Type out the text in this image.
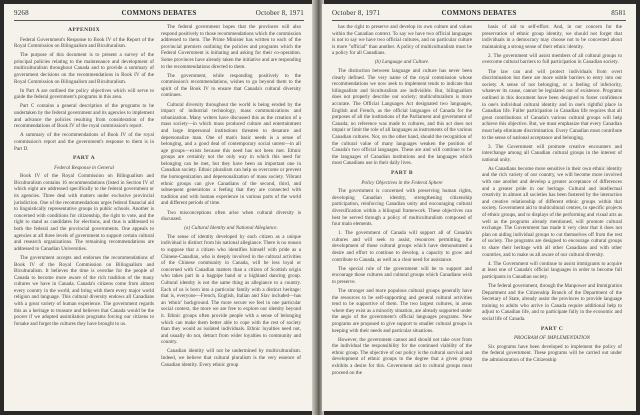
9268	COMMONS DEBATES	October 8, 1971

APPENDIX

Federal Government's Response to Book IV of the Report of the Royal Commission on Bilingualism and Biculturalism.

The purpose of this document is to present a survey of the principal policies relating to the maintenance and development of multiculturalism throughout Canada and to provide a summary of government decisions on the recommendations in Book IV of the Royal Commission on Bilingualism and Biculturalism.

In Part A are outlined the policy objectives which will serve to guide the federal government's programs in this area.

Part C contains a general description of the programs to be undertaken by the federal government and its agencies to implement and advance the policies resulting from consideration of the recommendations of Book IV of the royal commission's report.

A summary of the recommendations of Book IV of the royal commission's report and the government's response to them is in Part D.

PART A

Federal Response in General

Book IV of the Royal Commission on Bilingualism and Biculturalism contains 16 recommendations (listed in Section IV of which eight are addressed specifically to the federal government or its agencies. Three deal with matters under exclusive provincial jurisdiction. One of the recommendations urges federal financial aid to linguistically representative groups in public schools. Another is concerned with conditions for citizenship, the right to vote, and the right to stand as candidates for elections, and thus is addressed to both the federal and the provincial governments. One appeals to agencies at all three levels of government to support certain cultural and research organizations. The remaining recommendations are addressed to Canadian Universities.

The government accepts and endorses the recommendations of Book IV of the Royal Commission on Bilingualism and Biculturalism. It believes the time is overdue for the people of Canada to become more aware of the rich tradition of the many cultures we have in Canada. Canada's citizens come from almost every country in the world, and bring with them every major world religion and language. This cultural diversity endows all Canadians with a great variety of human experience. The government regards this as a heritage to treasure and believes that Canada would be the poorer if we adopted assimilation programs forcing our citizens to forsake and forget the cultures they have brought to us.

The federal government hopes that the provinces will also respond positively to those recommendations which the commission addressed to them. The Prime Minister has written to each of the provincial premiers outlining the policies and programs which the Federal Government is initiating and asking for their co-operation. Some provinces have already taken the initiative and are responding to the recommendations directed to them.

The government, while responding positively to the commission's recommendations, wishes to go beyond them to the spirit of the Book IV to ensure that Canada's cultural diversity continues.

Cultural diversity throughout the world is being eroded by the impact of industrial technology, mass communications and urbanization. Many writers have discussed this as the creation of a mass society—in which mass produced culture and entertainment and large impersonal institutions threaten to denature and depersonalize man. One of man's basic needs is a sense of belonging, and a good deal of contemporary social unrest—in all age groups—exists because this need has not been met. Ethnic groups are certainly not the only way in which this need for belonging can be met, but they have been an important one in Canadian society. Ethnic pluralism can help us overcome or prevent the homogenization and depersonalization of mass society. Vibrant ethnic groups can give Canadians of the second, third, and subsequent generations a feeling that they are connected with tradition and with human experience in various parts of the world and different periods of time.

Two misconceptions often arise when cultural diversity is discussed.

(a) Cultural Identity and National Allegiance.

The sense of identity developed by each citizen as a unique individual is distinct from his national allegiance. There is no reason to suppose that a citizen who identifies himself with pride as a Chinese-Canadian, who is deeply involved in the cultural activities of the Chinese community in Canada, will be less loyal or concerned with Canadian matters than a citizen of Scottish origin who takes part in a bagpipe band or a highland dancing group. Cultural identity is not the same thing as allegiance to a country. Each of us is born into a particular family with a distinct heritage: that is, everyone—French, English, Italian and Slav included—has an 'ethnic' background. The more secure we feel in one particular social context, the more we are free to explore our identity beyond it. Ethnic groups often provide people with a sense of belonging which can make them better able to cope with the rest of society than they would as isolated individuals. Ethnic loyalties need not, and usually do not, detract from wider loyalties to community and country.

Canadian identity will not be undermined by multiculturalism. Indeed, we believe that cultural pluralism is the very essence of Canadian identity. Every ethnic group

October 8, 1971	COMMONS DEBATES	8581

has the right to preserve and develop its own culture and values within the Canadian context. To say we have two official languages is not to say we have two official cultures, and no particular culture is more "official" than another. A policy of multiculturalism must be a policy for all Canadians.

(b) Language and Culture.

The distinction between language and culture has never been clearly defined. The very name of the royal commission whose recommendations we now seek to implement tends to indicate that bilingualism and biculturalism are indivisible. But, bilingualism does not properly describe our society; multiculturalism is more accurate. The Official Languages Act designated two languages, English and French, as the official languages of Canada for the purposes of all the institutions of the Parliament and government of Canada; no reference was made to cultures, and this act does not impair or limit the role of all languages as instruments of the various Canadian cultures. Nor, on the other hand, should the recognition of the cultural value of many languages weaken the position of Canada's two official languages. These are and will continue to be the languages of Canadian institutions and the languages which most Canadians use in their daily lives.

PART B

Policy Objectives in the Federal Sphere

The government is concerned with preserving human rights, developing Canadian identity, strengthening citizenship participation, reinforcing Canadian unity and encouraging cultural diversification within a bilingual framework. These objectives can best be served through a policy of multiculturalism composed of four main elements.

1. The government of Canada will support all of Canada's cultures and will seek to assist, resources permitting, the development of those cultural groups which have demonstrated a desire and effort to continue to develop, a capacity to grow and contribute to Canada, as well as a clear need for assistance.

The special role of the government will be to support and encourage those cultures and cultural groups which Canadians wish to preserve.

The stronger and more populous cultural groups generally have the resources to be self-supporting and general cultural activities tend to be supportive of them. The two largest cultures, in areas where they exist as a minority situation, are already supported under the aegis of the government's official languages programs. New programs are proposed to give support to smaller cultural groups in keeping with their needs and particular situations.

However, the government cannot and should not take over from the individual the responsibility for the continued viability of the ethnic group. The objective of our policy is the cultural survival and development of ethnic groups to the degree that a given group exhibits a desire for this. Government aid to cultural groups must proceed on the

basis of aid to self-effort. And, in our concern for the preservation of ethnic group identity, we should not forget that individuals in a democracy may choose not to be concerned about maintaining a strong sense of their ethnic identity.

2. The government will assist members of all cultural groups to overcome cultural barriers to full participation in Canadian society.

The law can and will protect individuals from overt discrimination but there are more subtle barriers to entry into our society. A sense of not belonging, or a feeling of inferiority, whatever its cause, cannot be legislated out of existence. Programs outlined in this document have been designed to foster confidence in one's individual cultural identity and in one's rightful place in Canadian life. Fuller participation in Canadian life requires that all great contributions of Canada's various cultural groups will help achieve this objective. But, we must emphasize that every Canadian must help eliminate discrimination. Every Canadian must contribute to the sense of national acceptance and belonging.

3. The Government will promote creative encounters and interchange among all Canadian cultural groups in the interest of national unity.

As Canadians become more sensitive in their own ethnic identity and the rich variety of our country, we will become more involved with one another and develop a greater acceptance of differences and a greater pride in our heritage. Cultural and intellectual creativity in almost all societies has been fostered by the interaction and creative relationship of different ethnic groups within that society. Government aid to multicultural centres, to specific projects of ethnic groups, and to displays of the performing and visual arts as well as the programs already mentioned, will promote cultural exchange. The Government has made it very clear that it does not plan on aiding individual groups to cut themselves off from the rest of society. The programs are designed to encourage cultural groups to share their heritage with all other Canadians and with other countries, and to make us all aware of our cultural diversity.

4. The Government will continue to assist immigrants to acquire at least one of Canada's official languages in order to become full participants in Canadian society.

The federal government, through the Manpower and Immigration Department and the Citizenship Branch of the Department of the Secretary of State, already assist the provinces to provide language training to adults who arrive in Canada require additional help to adjust to Canadian life, and to participate fully in the economic and social life of Canada.

PART C

PROGRAM OF IMPLEMENTATION

Six programs have been developed to implement the policy of the federal government. These programs will be carried out under the administration of the Citizenship
